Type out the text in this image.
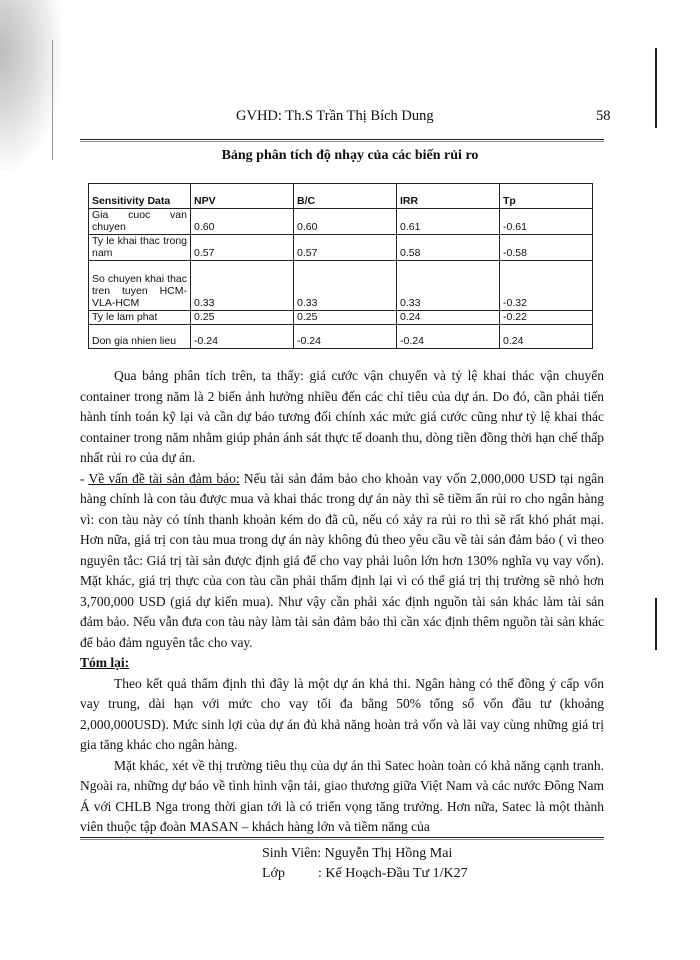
GVHD: Th.S Trần Thị Bích Dung	58
Bảng phân tích độ nhạy của các biến rủi ro
Sensitivity Data	NPV	B/C	IRR	Tp
Gia cuoc van chuyen	0.60	0.60	0.61	-0.61
Ty le khai thac trong nam	0.57	0.57	0.58	-0.58
So chuyen khai thac tren tuyen HCM-VLA-HCM	0.33	0.33	0.33	-0.32
Ty le lam phat	0.25	0.25	0.24	-0.22
Don gia nhien lieu	-0.24	-0.24	-0.24	0.24

Qua bảng phân tích trên, ta thấy: giá cước vận chuyển và tỷ lệ khai thác vận chuyển container trong năm là 2 biến ảnh hưởng nhiều đến các chỉ tiêu của dự án. Do đó, cần phải tiến hành tính toán kỹ lại và cần dự báo tương đối chính xác mức giá cước cũng như tỷ lệ khai thác container trong năm nhằm giúp phản ánh sát thực tế doanh thu, dòng tiền đồng thời hạn chế thấp nhất rủi ro của dự án.

- Về vấn đề tài sản đảm bảo: Nếu tài sản đảm bảo cho khoản vay vốn 2,000,000 USD tại ngân hàng chính là con tàu được mua và khai thác trong dự án này thì sẽ tiềm ẩn rủi ro cho ngân hàng vì: con tàu này có tính thanh khoản kém do đã cũ, nếu có xảy ra rủi ro thì sẽ rất khó phát mại. Hơn nữa, giá trị con tàu mua trong dự án này không đủ theo yêu cầu về tài sản đảm bảo ( vì theo nguyên tắc: Giá trị tài sản được định giá để cho vay phải luôn lớn hơn 130% nghĩa vụ vay vốn). Mặt khác, giá trị thực của con tàu cần phải thẩm định lại vì có thể giá trị thị trường sẽ nhỏ hơn 3,700,000 USD (giá dự kiến mua). Như vậy cần phải xác định nguồn tài sản khác làm tài sản đảm bảo. Nếu vẫn đưa con tàu này làm tài sản đảm bảo thì cần xác định thêm nguồn tài sản khác để bảo đảm nguyên tắc cho vay.

Tóm lại:

Theo kết quả thẩm định thì đây là một dự án khả thi. Ngân hàng có thể đồng ý cấp vốn vay trung, dài hạn với mức cho vay tối đa bằng 50% tổng số vốn đầu tư (khoảng 2,000,000USD). Mức sinh lợi của dự án đủ khả năng hoàn trả vốn và lãi vay cùng những giá trị gia tăng khác cho ngân hàng.

Mặt khác, xét về thị trường tiêu thụ của dự án thì Satec hoàn toàn có khả năng cạnh tranh. Ngoài ra, những dự báo về tình hình vận tải, giao thương giữa Việt Nam và các nước Đông Nam Á với CHLB Nga trong thời gian tới là có triển vọng tăng trưởng. Hơn nữa, Satec là một thành viên thuộc tập đoàn MASAN – khách hàng lớn và tiềm năng của

Sinh Viên: Nguyễn Thị Hồng Mai
Lớp : Kế Hoạch-Đầu Tư 1/K27
